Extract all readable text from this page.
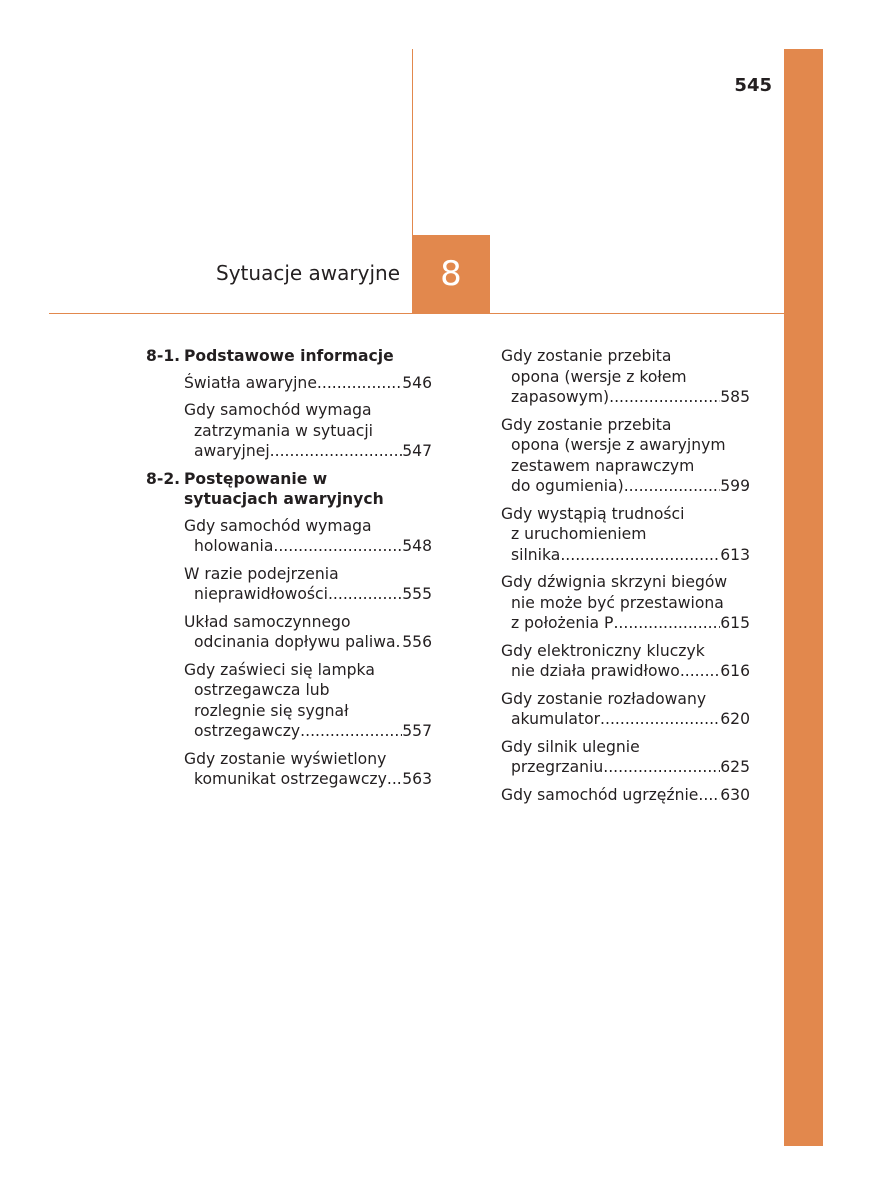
545
Sytuacje awaryjne 8
8-1. Podstawowe informacje
Światła awaryjne .....	546
Gdy samochód wymaga
zatrzymania w sytuacji
awaryjnej .....	547
8-2. Postępowanie w sytuacjach awaryjnych
Gdy samochód wymaga
holowania .....	548
W razie podejrzenia
nieprawidłowości .....	555
Układ samoczynnego
odcinania dopływu paliwa ..... 556
Gdy zaświeci się lampka
ostrzegawcza lub
rozlegnie się sygnał
ostrzegawczy .....	557
Gdy zostanie wyświetlony
komunikat ostrzegawczy ..... 563
Gdy zostanie przebita
opona (wersje z kołem
zapasowym) .....	585
Gdy zostanie przebita
opona (wersje z awaryjnym
zestawem naprawczym
do ogumienia) .....	599
Gdy wystąpią trudności
z uruchomieniem
silnika .....	613
Gdy dźwignia skrzyni biegów
nie może być przestawiona
z położenia P .....	615
Gdy elektroniczny kluczyk
nie działa prawidłowo .....	616
Gdy zostanie rozładowany
akumulator .....	620
Gdy silnik ulegnie
przegrzaniu .....	625
Gdy samochód ugrzęźnie ..... 630
